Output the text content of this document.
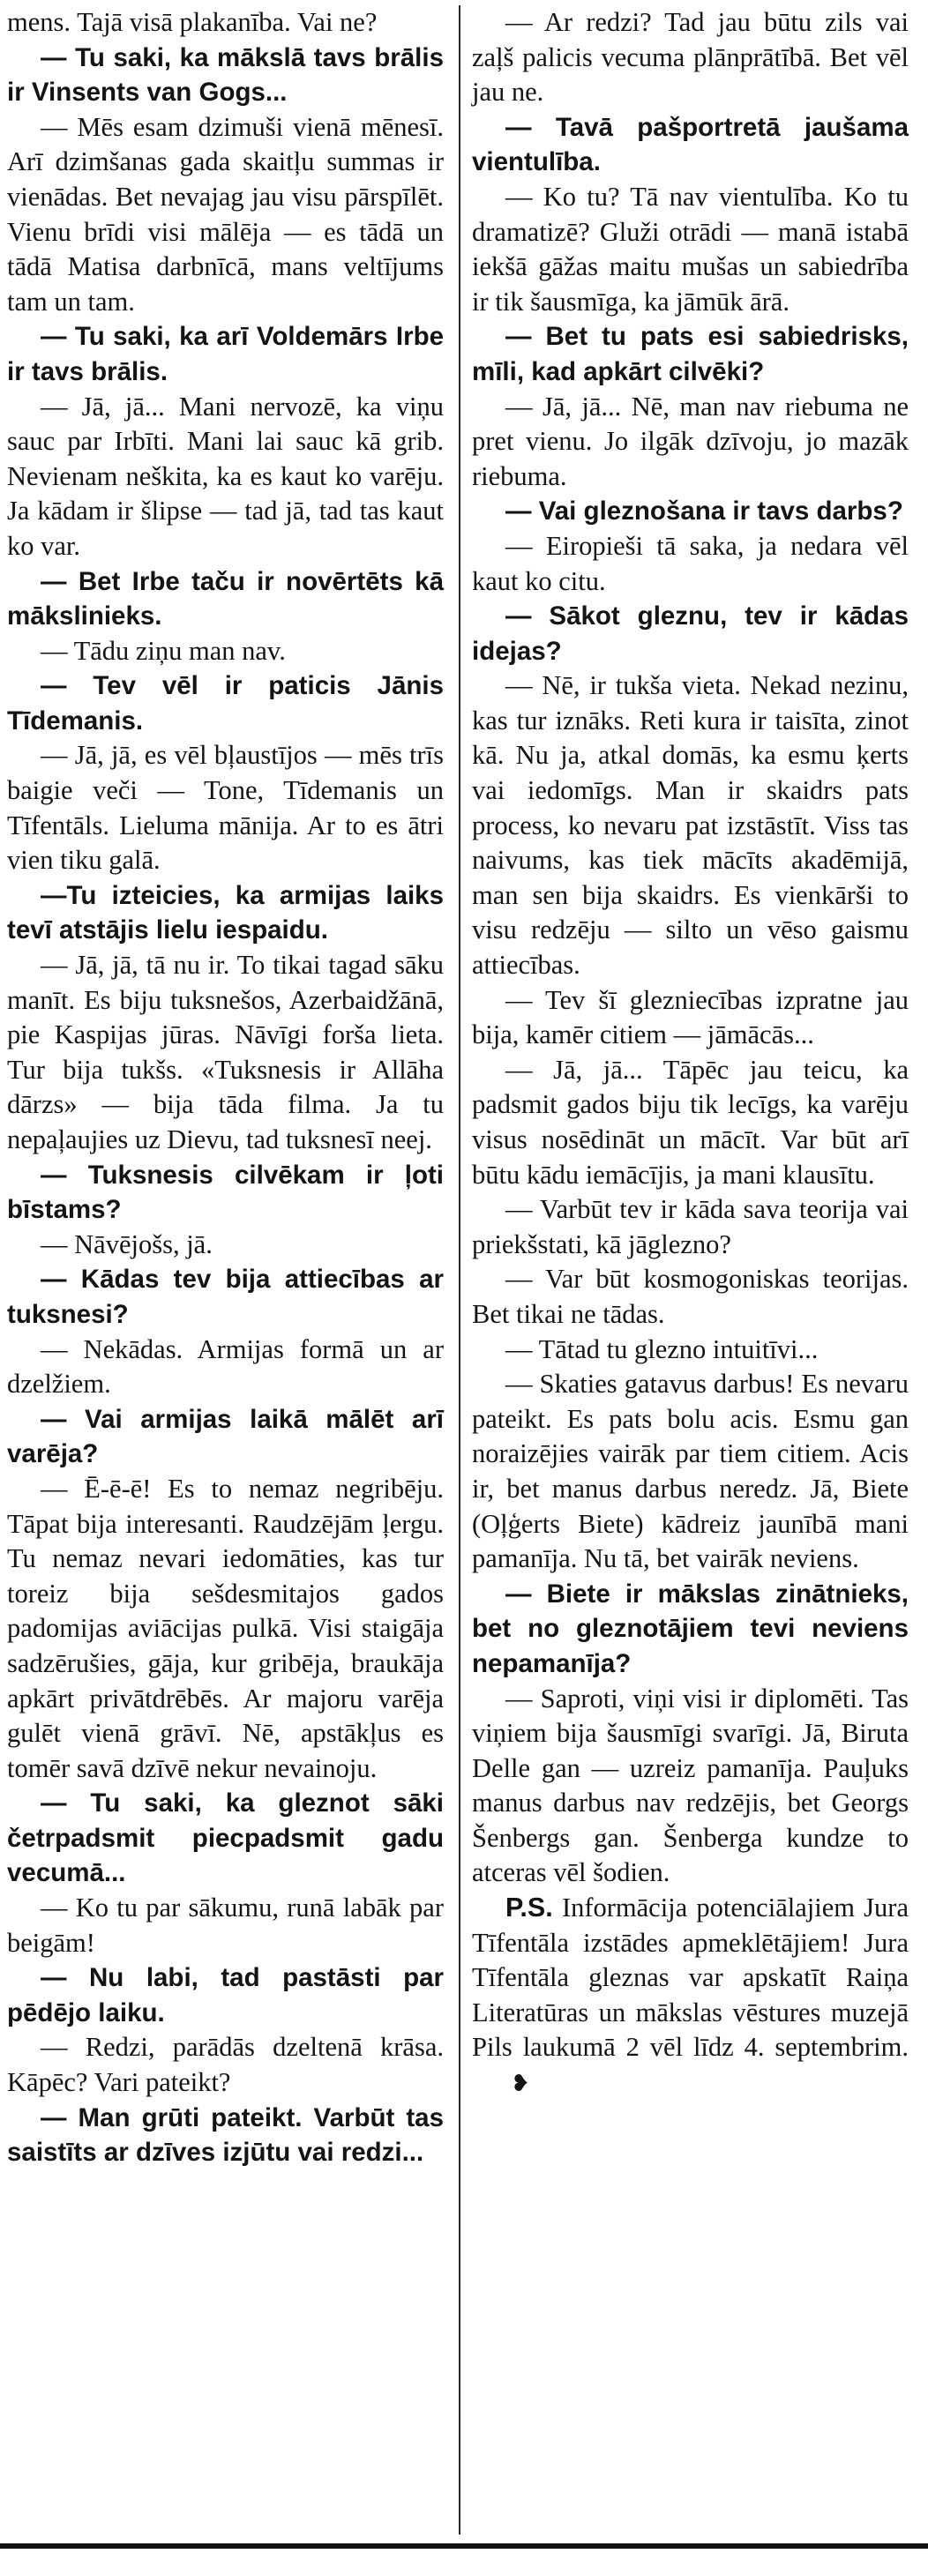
mens. Tajā visā plakanība. Vai ne?

— Tu saki, ka mākslā tavs brālis ir Vinsents van Gogs...

— Mēs esam dzimuši vienā mēnesī. Arī dzimšanas gada skaitļu summas ir vienādas. Bet nevajag jau visu pārspīlēt. Vienu brīdi visi mālēja — es tādā un tādā Matisa darbnīcā, mans veltījums tam un tam.

— Tu saki, ka arī Voldemārs Irbe ir tavs brālis.

— Jā, jā... Mani nervozē, ka viņu sauc par Irbīti. Mani lai sauc kā grib. Nevienam neškita, ka es kaut ko varēju. Ja kādam ir šlipse — tad jā, tad tas kaut ko var.

— Bet Irbe taču ir novērtēts kā mākslinieks.

— Tādu ziņu man nav.

— Tev vēl ir paticis Jānis Tīdemanis.

— Jā, jā, es vēl bļaustījos — mēs trīs baigie veči — Tone, Tīdemanis un Tīfentāls. Lieluma mānija. Ar to es ātri vien tiku galā.

—Tu izteicies, ka armijas laiks tevī atstājis lielu iespaidu.

— Jā, jā, tā nu ir. To tikai tagad sāku manīt. Es biju tuksnešos, Azerbaidžānā, pie Kaspijas jūras. Nāvīgi forša lieta. Tur bija tukšs. «Tuksnesis ir Allāha dārzs» — bija tāda filma. Ja tu nepaļaujies uz Dievu, tad tuksnesī neej.

— Tuksnesis cilvēkam ir ļoti bīstams?

— Nāvējošs, jā.

— Kādas tev bija attiecības ar tuksnesi?

— Nekādas. Armijas formā un ar dzelžiem.

— Vai armijas laikā mālēt arī varēja?

— Ē-ē-ē! Es to nemaz negribēju. Tāpat bija interesanti. Raudzējām ļergu. Tu nemaz nevari iedomāties, kas tur toreiz bija sešdesmitajos gados padomijas aviācijas pulkā. Visi staigāja sadzērušies, gāja, kur gribēja, braukāja apkārt privātdrēbēs. Ar majoru varēja gulēt vienā grāvī. Nē, apstākļus es tomēr savā dzīvē nekur nevainoju.

— Tu saki, ka gleznot sāki četrpadsmit piecpadsmit gadu vecumā...

— Ko tu par sākumu, runā labāk par beigām!

— Nu labi, tad pastāsti par pēdējo laiku.

— Redzi, parādās dzeltenā krāsa. Kāpēc? Vari pateikt?

— Man grūti pateikt. Varbūt tas saistīts ar dzīves izjūtu vai redzi...

— Ar redzi? Tad jau būtu zils vai zaļš palicis vecuma plānprātībā. Bet vēl jau ne.

— Tavā pašportretā jaušama vientulība.

— Ko tu? Tā nav vientulība. Ko tu dramatizē? Gluži otrādi — manā istabā iekšā gāžas maitu mušas un sabiedrība ir tik šausmīga, ka jāmūk ārā.

— Bet tu pats esi sabiedrisks, mīli, kad apkārt cilvēki?

— Jā, jā... Nē, man nav riebuma ne pret vienu. Jo ilgāk dzīvoju, jo mazāk riebuma.

— Vai gleznošana ir tavs darbs?

— Eiropieši tā saka, ja nedara vēl kaut ko citu.

— Sākot gleznu, tev ir kādas idejas?

— Nē, ir tukša vieta. Nekad nezinu, kas tur iznāks. Reti kura ir taisīta, zinot kā. Nu ja, atkal domās, ka esmu ķerts vai iedomīgs. Man ir skaidrs pats process, ko nevaru pat izstāstīt. Viss tas naivums, kas tiek mācīts akadēmijā, man sen bija skaidrs. Es vienkārši to visu redzēju — silto un vēso gaismu attiecības.

— Tev šī glezniecības izpratne jau bija, kamēr citiem — jāmācās...

— Jā, jā... Tāpēc jau teicu, ka padsmit gados biju tik lecīgs, ka varēju visus nosēdināt un mācīt. Var būt arī būtu kādu iemācījis, ja mani klausītu.

— Varbūt tev ir kāda sava teorija vai priekšstati, kā jāglezno?

— Var būt kosmogoniskas teorijas. Bet tikai ne tādas.

— Tātad tu glezno intuitīvi...

— Skaties gatavus darbus! Es nevaru pateikt. Es pats bolu acis. Esmu gan noraizējies vairāk par tiem citiem. Acis ir, bet manus darbus neredz. Jā, Biete (Oļģerts Biete) kādreiz jaunībā mani pamanīja. Nu tā, bet vairāk neviens.

— Biete ir mākslas zinātnieks, bet no gleznotājiem tevi neviens nepamanīja?

— Saproti, viņi visi ir diplomēti. Tas viņiem bija šausmīgi svarīgi. Jā, Biruta Delle gan — uzreiz pamanīja. Pauļuks manus darbus nav redzējis, bet Georgs Šenbergs gan. Šenberga kundze to atceras vēl šodien.

P.S. Informācija potenciālajiem Jura Tīfentāla izstādes apmeklētājiem! Jura Tīfentāla gleznas var apskatīt Raiņa Literatūras un mākslas vēstures muzejā Pils laukumā 2 vēl līdz 4. septembrim.❥
